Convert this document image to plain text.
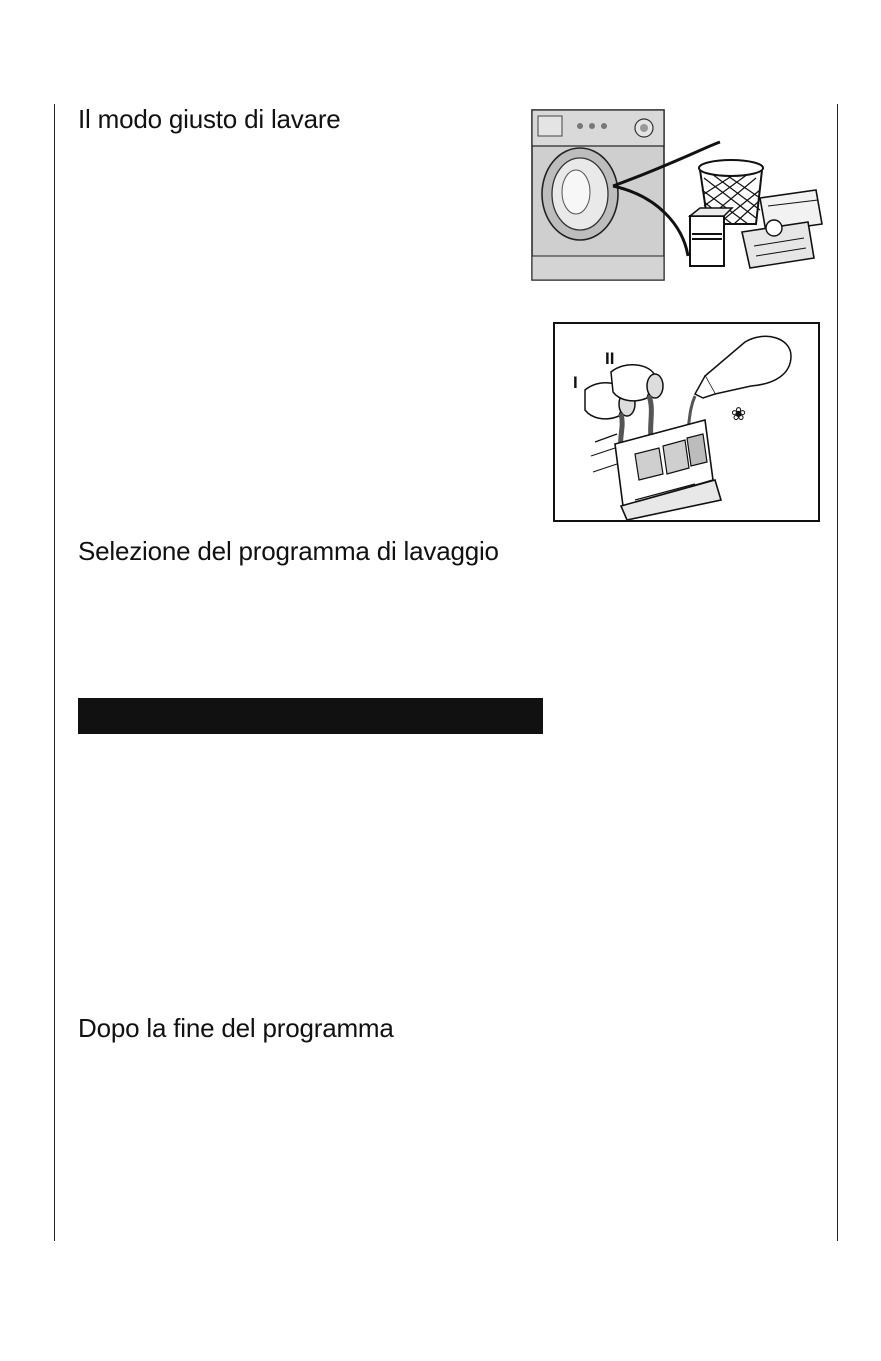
Il modo giusto di lavare
Selezione del programma di lavaggio
Dopo la fine del programma
I
II
❀
